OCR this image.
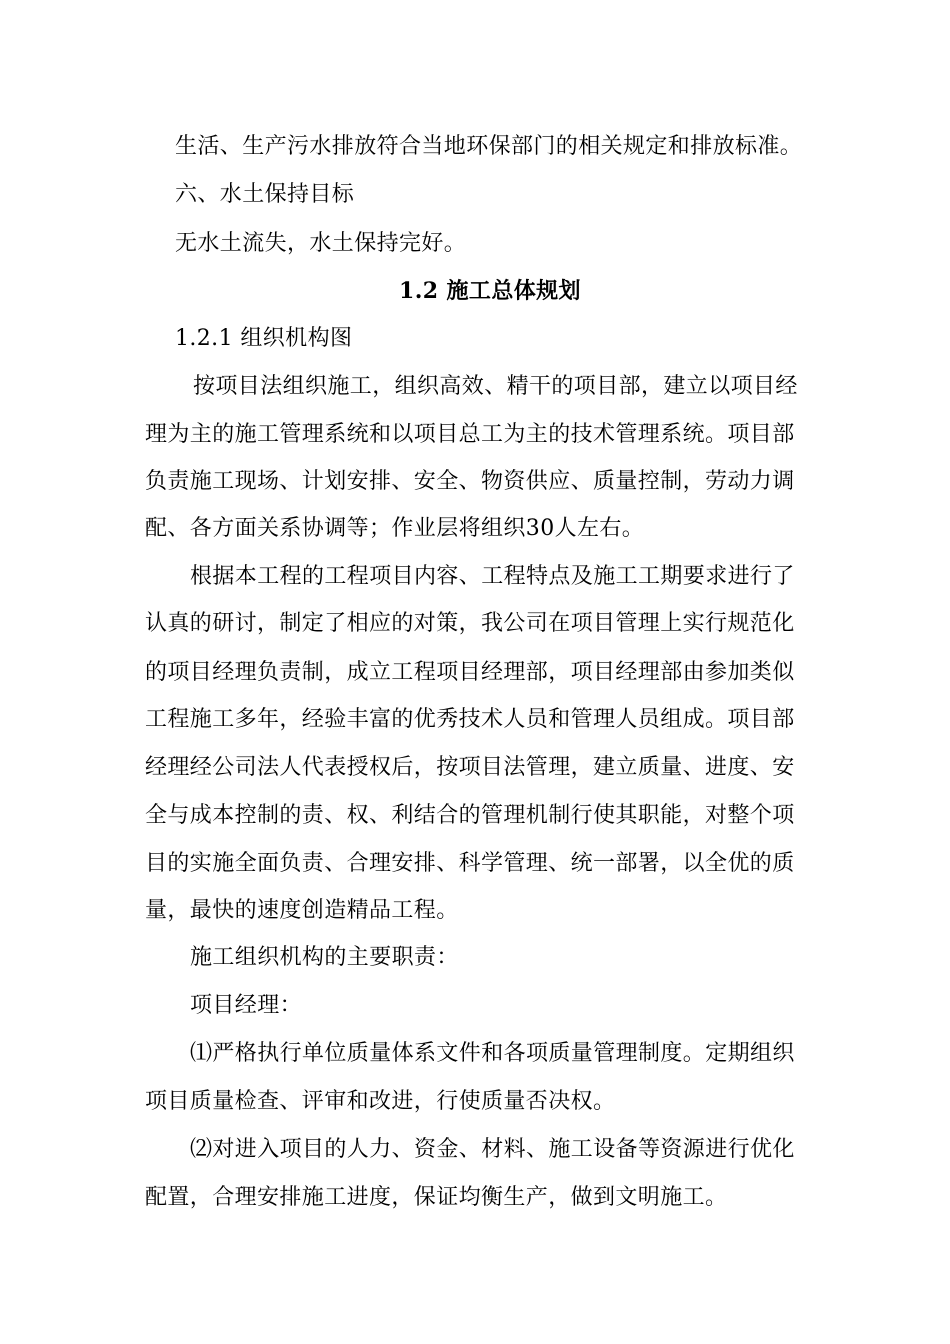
生活、生产污水排放符合当地环保部门的相关规定和排放标准。
六、水土保持目标
无水土流失，水土保持完好。
1.2 施工总体规划
1.2.1 组织机构图
按项目法组织施工，组织高效、精干的项目部，建立以项目经
理为主的施工管理系统和以项目总工为主的技术管理系统。项目部
负责施工现场、计划安排、安全、物资供应、质量控制，劳动力调
配、各方面关系协调等；作业层将组织30人左右。
根据本工程的工程项目内容、工程特点及施工工期要求进行了
认真的研讨，制定了相应的对策，我公司在项目管理上实行规范化
的项目经理负责制，成立工程项目经理部，项目经理部由参加类似
工程施工多年，经验丰富的优秀技术人员和管理人员组成。项目部
经理经公司法人代表授权后，按项目法管理，建立质量、进度、安
全与成本控制的责、权、利结合的管理机制行使其职能，对整个项
目的实施全面负责、合理安排、科学管理、统一部署，以全优的质
量，最快的速度创造精品工程。
施工组织机构的主要职责：
项目经理：
⑴严格执行单位质量体系文件和各项质量管理制度。定期组织
项目质量检查、评审和改进，行使质量否决权。
⑵对进入项目的人力、资金、材料、施工设备等资源进行优化
配置，合理安排施工进度，保证均衡生产，做到文明施工。
